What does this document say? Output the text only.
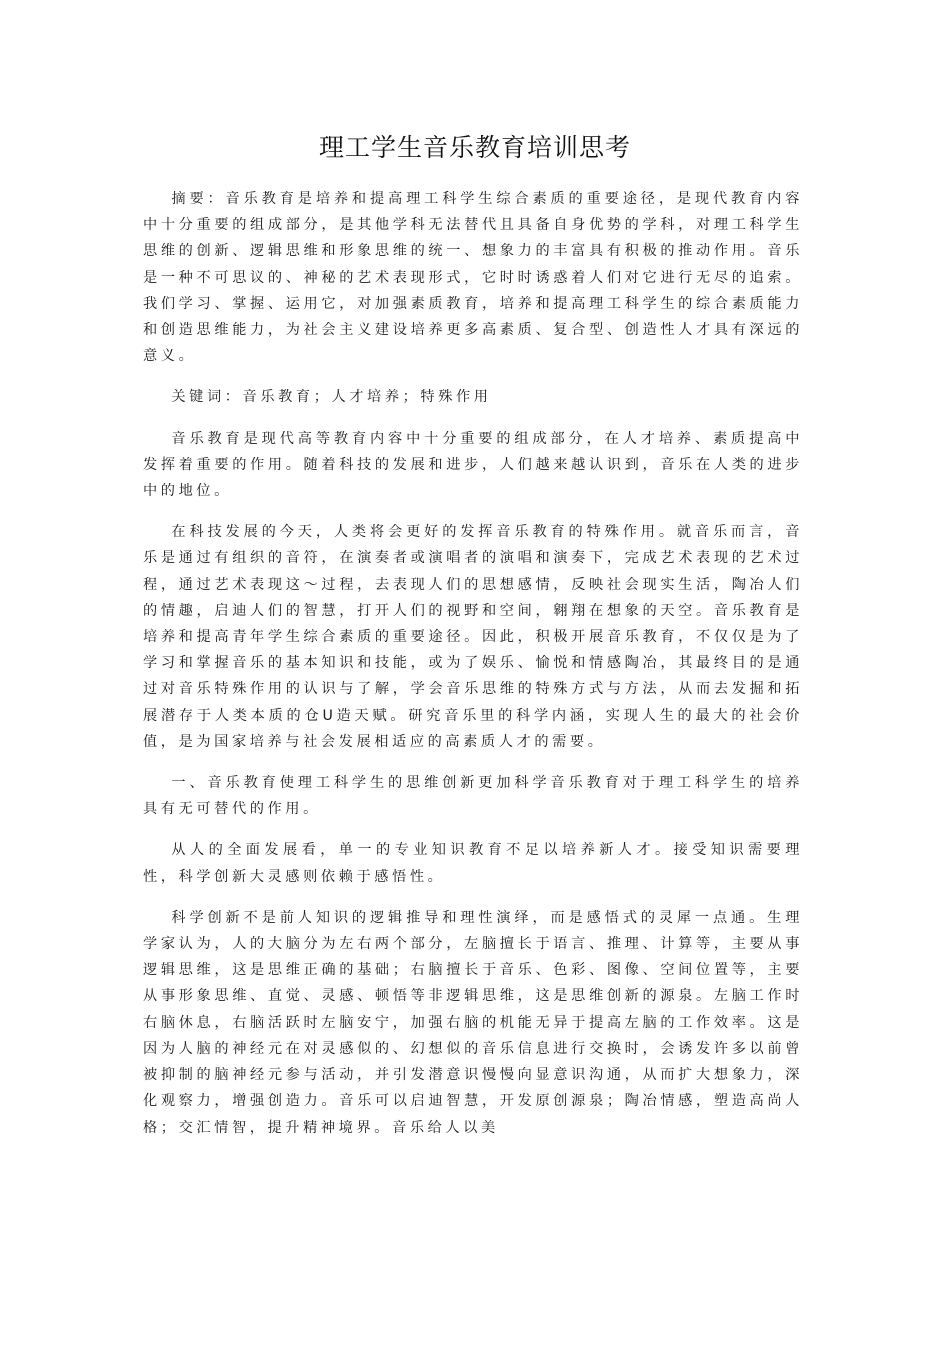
理工学生音乐教育培训思考

摘要：音乐教育是培养和提高理工科学生综合素质的重要途径，是现代教育内容中十分重要的组成部分，是其他学科无法替代且具备自身优势的学科，对理工科学生思维的创新、逻辑思维和形象思维的统一、想象力的丰富具有积极的推动作用。音乐是一种不可思议的、神秘的艺术表现形式，它时时诱惑着人们对它进行无尽的追索。我们学习、掌握、运用它，对加强素质教育，培养和提高理工科学生的综合素质能力和创造思维能力，为社会主义建设培养更多高素质、复合型、创造性人才具有深远的意义。

关键词：音乐教育；人才培养；特殊作用

音乐教育是现代高等教育内容中十分重要的组成部分，在人才培养、素质提高中发挥着重要的作用。随着科技的发展和进步，人们越来越认识到，音乐在人类的进步中的地位。

在科技发展的今天，人类将会更好的发挥音乐教育的特殊作用。就音乐而言，音乐是通过有组织的音符，在演奏者或演唱者的演唱和演奏下，完成艺术表现的艺术过程，通过艺术表现这～过程，去表现人们的思想感情，反映社会现实生活，陶冶人们的情趣，启迪人们的智慧，打开人们的视野和空间，翱翔在想象的天空。音乐教育是培养和提高青年学生综合素质的重要途径。因此，积极开展音乐教育，不仅仅是为了学习和掌握音乐的基本知识和技能，或为了娱乐、愉悦和情感陶冶，其最终目的是通过对音乐特殊作用的认识与了解，学会音乐思维的特殊方式与方法，从而去发掘和拓展潜存于人类本质的仓U造天赋。研究音乐里的科学内涵，实现人生的最大的社会价值，是为国家培养与社会发展相适应的高素质人才的需要。

一、音乐教育使理工科学生的思维创新更加科学音乐教育对于理工科学生的培养具有无可替代的作用。

从人的全面发展看，单一的专业知识教育不足以培养新人才。接受知识需要理性，科学创新大灵感则依赖于感悟性。

科学创新不是前人知识的逻辑推导和理性演绎，而是感悟式的灵犀一点通。生理学家认为，人的大脑分为左右两个部分，左脑擅长于语言、推理、计算等，主要从事逻辑思维，这是思维正确的基础；右脑擅长于音乐、色彩、图像、空间位置等，主要从事形象思维、直觉、灵感、顿悟等非逻辑思维，这是思维创新的源泉。左脑工作时右脑休息，右脑活跃时左脑安宁，加强右脑的机能无异于提高左脑的工作效率。这是因为人脑的神经元在对灵感似的、幻想似的音乐信息进行交换时，会诱发许多以前曾被抑制的脑神经元参与活动，并引发潜意识慢慢向显意识沟通，从而扩大想象力，深化观察力，增强创造力。音乐可以启迪智慧，开发原创源泉；陶冶情感，塑造高尚人格；交汇情智，提升精神境界。音乐给人以美
